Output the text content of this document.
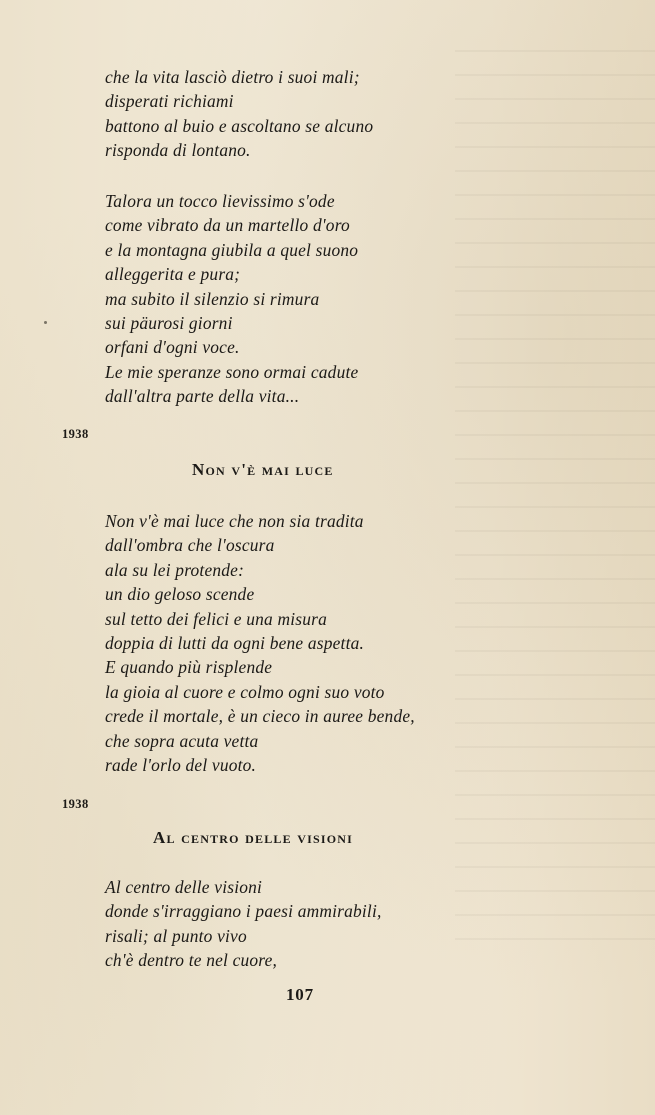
che la vita lasciò dietro i suoi mali;
disperati richiami
battono al buio e ascoltano se alcuno
risponda di lontano.
Talora un tocco lievissimo s'ode
come vibrato da un martello d'oro
e la montagna giubila a quel suono
alleggerita e pura;
ma subito il silenzio si rimura
sui päurosi giorni
orfani d'ogni voce.
Le mie speranze sono ormai cadute
dall'altra parte della vita...
1938
Non v'è mai luce
Non v'è mai luce che non sia tradita
dall'ombra che l'oscura
ala su lei protende:
un dio geloso scende
sul tetto dei felici e una misura
doppia di lutti da ogni bene aspetta.
E quando più risplende
la gioia al cuore e colmo ogni suo voto
crede il mortale, è un cieco in auree bende,
che sopra acuta vetta
rade l'orlo del vuoto.
1938
Al centro delle visioni
Al centro delle visioni
donde s'irraggiano i paesi ammirabili,
risali; al punto vivo
ch'è dentro te nel cuore,
107
